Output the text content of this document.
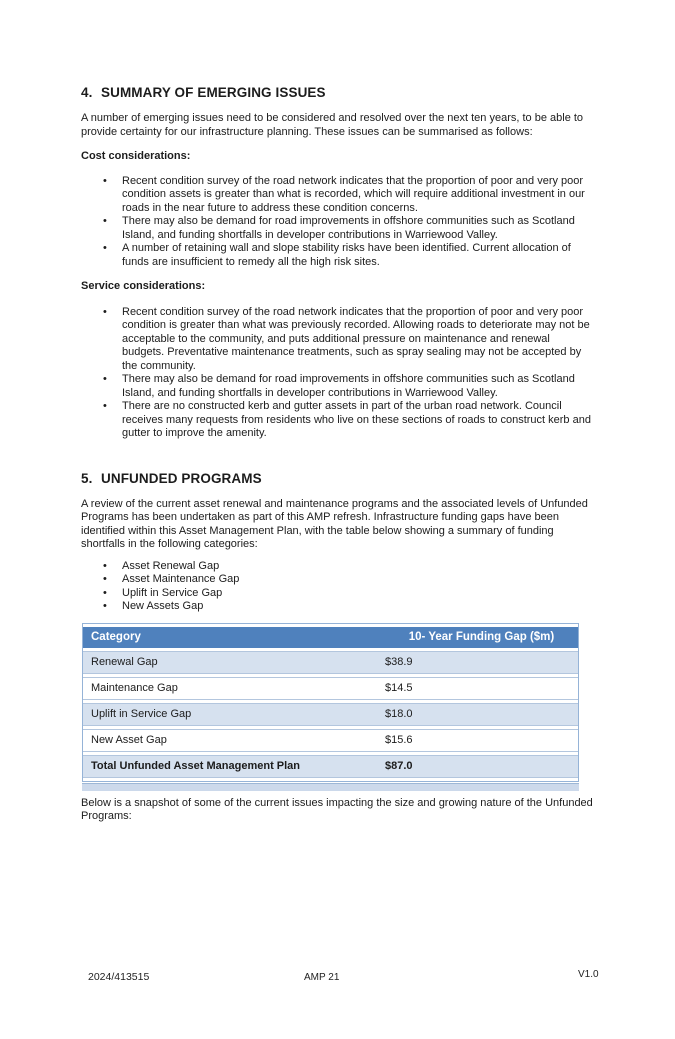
4. SUMMARY OF EMERGING ISSUES

A number of emerging issues need to be considered and resolved over the next ten years, to be able to provide certainty for our infrastructure planning. These issues can be summarised as follows:

Cost considerations:

• Recent condition survey of the road network indicates that the proportion of poor and very poor condition assets is greater than what is recorded, which will require additional investment in our roads in the near future to address these condition concerns.
• There may also be demand for road improvements in offshore communities such as Scotland Island, and funding shortfalls in developer contributions in Warriewood Valley.
• A number of retaining wall and slope stability risks have been identified. Current allocation of funds are insufficient to remedy all the high risk sites.

Service considerations:

• Recent condition survey of the road network indicates that the proportion of poor and very poor condition is greater than what was previously recorded. Allowing roads to deteriorate may not be acceptable to the community, and puts additional pressure on maintenance and renewal budgets. Preventative maintenance treatments, such as spray sealing may not be accepted by the community.
• There may also be demand for road improvements in offshore communities such as Scotland Island, and funding shortfalls in developer contributions in Warriewood Valley.
• There are no constructed kerb and gutter assets in part of the urban road network. Council receives many requests from residents who live on these sections of roads to construct kerb and gutter to improve the amenity.
5. UNFUNDED PROGRAMS

A review of the current asset renewal and maintenance programs and the associated levels of Unfunded Programs has been undertaken as part of this AMP refresh. Infrastructure funding gaps have been identified within this Asset Management Plan, with the table below showing a summary of funding shortfalls in the following categories:

• Asset Renewal Gap
• Asset Maintenance Gap
• Uplift in Service Gap
• New Assets Gap
Category	10- Year Funding Gap ($m)
Renewal Gap	$38.9
Maintenance Gap	$14.5
Uplift in Service Gap	$18.0
New Asset Gap	$15.6
Total Unfunded Asset Management Plan	$87.0

Below is a snapshot of some of the current issues impacting the size and growing nature of the Unfunded Programs:

2024/413515	AMP 21	V1.0
